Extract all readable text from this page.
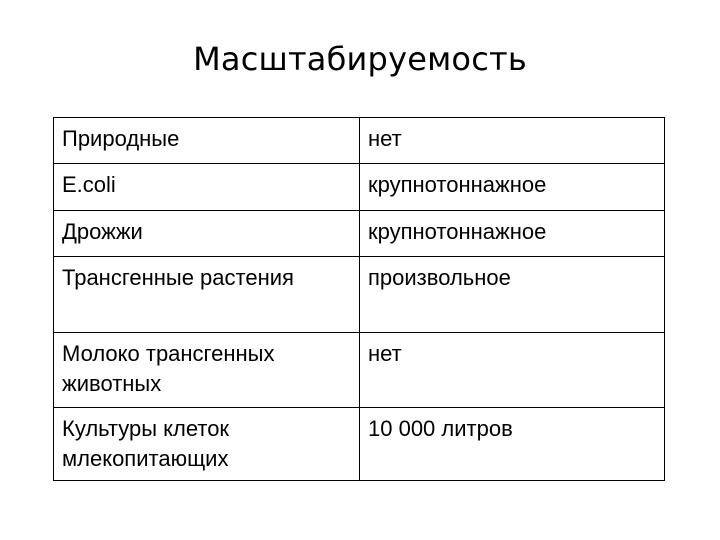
Масштабируемость
Природные	нет
E.coli	крупнотоннажное
Дрожжи	крупнотоннажное
Трансгенные растения	произвольное
Молоко трансгенных животных	нет
Культуры клеток млекопитающих	10 000 литров
